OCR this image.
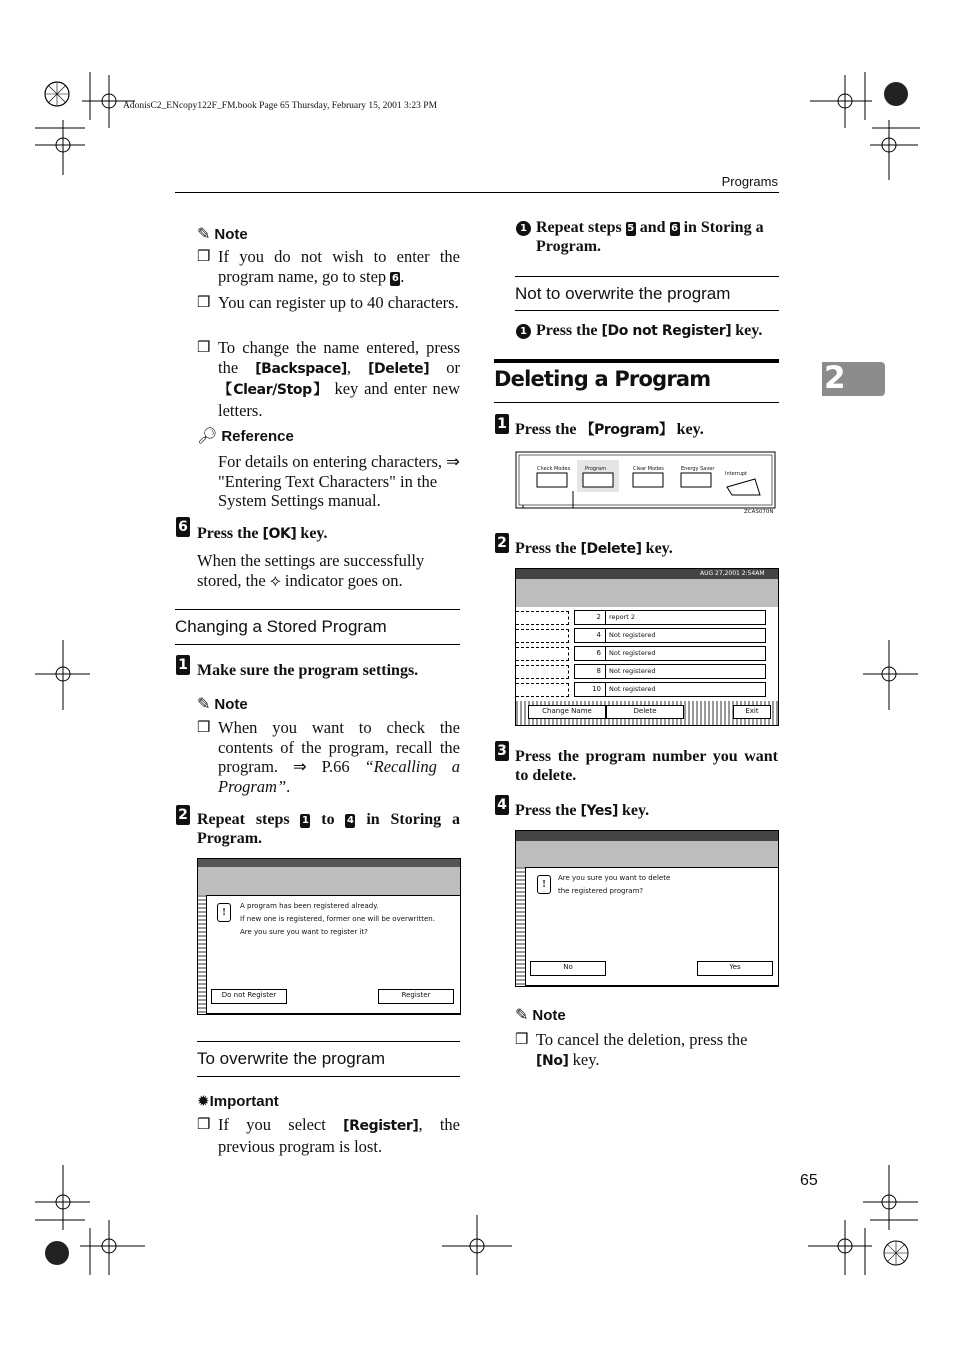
AdonisC2_ENcopy122F_FM.book Page 65 Thursday, February 15, 2001 3:23 PM
Programs
2
✎ Note
❒ If you do not wish to enter the program name, go to step 6.
❒ You can register up to 40 characters.
❒ To change the name entered, press the [Backspace], [Delete] or 【Clear/Stop】 key and enter new letters.
🔎︎ Reference
For details on entering characters, ⇒ "Entering Text Characters" in the System Settings manual.
6 Press the [OK] key.
When the settings are successfully stored, the ⟡ indicator goes on.
Changing a Stored Program
1 Make sure the program settings.
✎ Note
❒ When you want to check the contents of the program, recall the program. ⇒ P.66 “Recalling a Program”.
2 Repeat steps 1 to 4 in Storing a Program.
!
A program has been registered already.
If new one is registered, former one will be overwritten.
Are you sure you want to register it?
Do not Register	Register
To overwrite the program
✹Important
❒ If you select [Register], the previous program is lost.
1 Repeat steps 5 and 6 in Storing a Program.
Not to overwrite the program
1 Press the [Do not Register] key.
Deleting a Program
1 Press the 【Program】 key.
Check Modes	Program	Clear Modes	Energy Saver
Interrupt
ZCAS070N
2 Press the [Delete] key.
AUG 27,2001 2:54AM
2 report 2
4 Not registered
6 Not registered
8 Not registered
10 Not registered
Change Name	Delete	Exit
3 Press the program number you want to delete.
4 Press the [Yes] key.
!
Are you sure you want to delete
the registered program?
No	Yes
✎ Note
❒ To cancel the deletion, press the [No] key.
65
